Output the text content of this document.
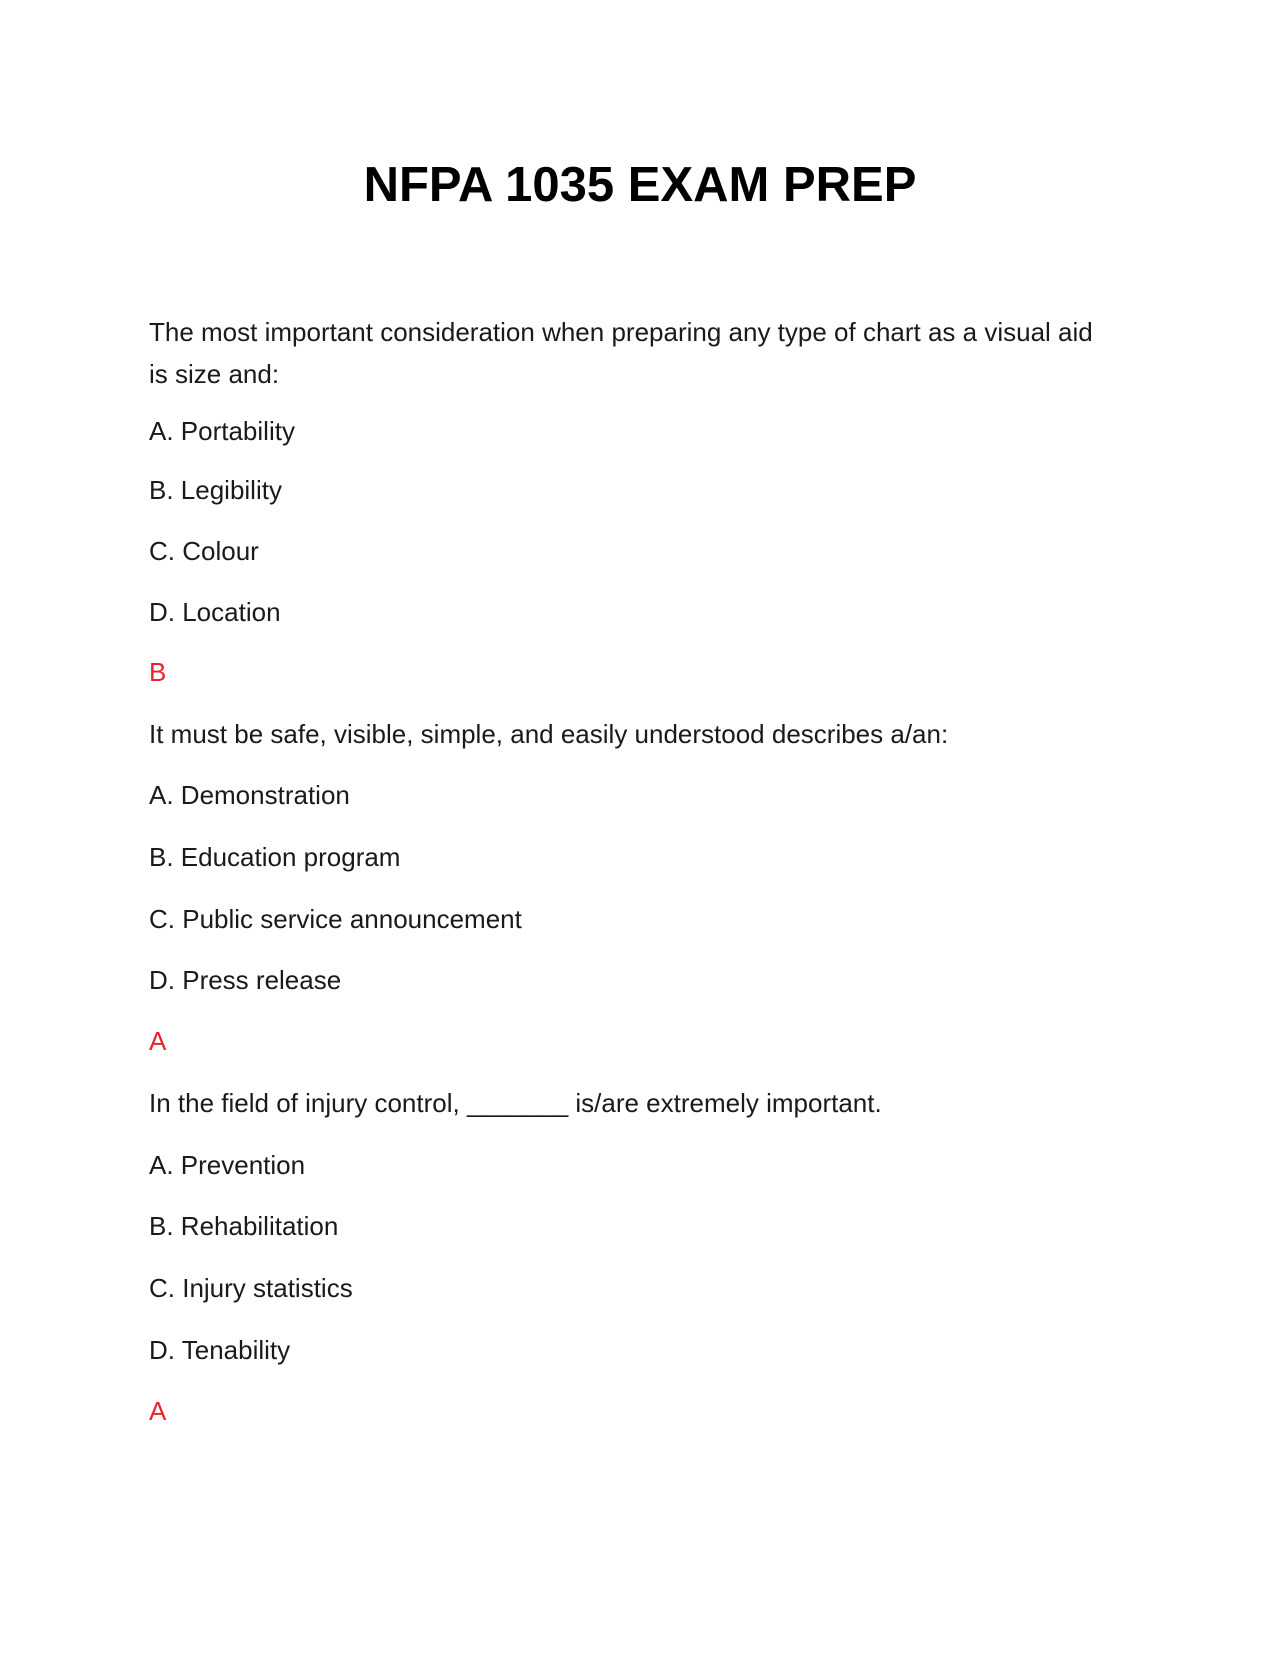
NFPA 1035 EXAM PREP

The most important consideration when preparing any type of chart as a visual aid is size and:

A. Portability

B. Legibility

C. Colour

D. Location

B

It must be safe, visible, simple, and easily understood describes a/an:

A. Demonstration

B. Education program

C. Public service announcement

D. Press release

A

In the field of injury control, _______ is/are extremely important.

A. Prevention

B. Rehabilitation

C. Injury statistics

D. Tenability

A
